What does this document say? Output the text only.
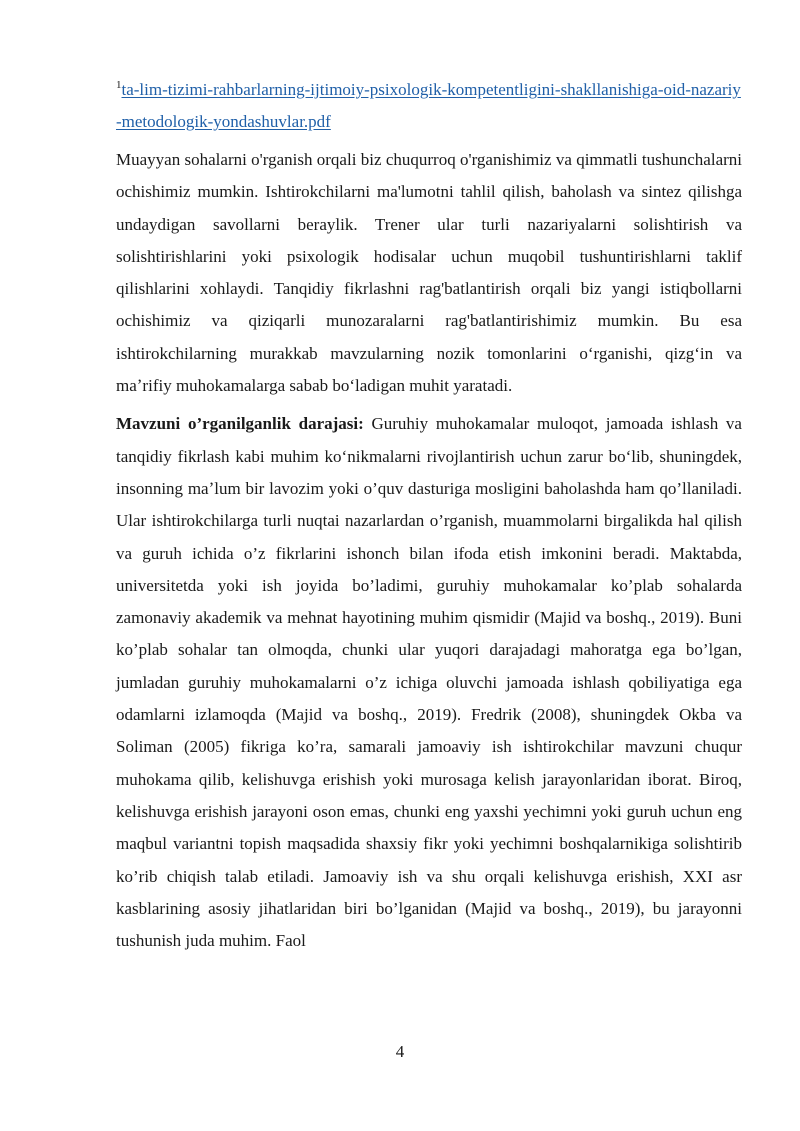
$^1$ta-lim-tizimi-rahbarlarning-ijtimoiy-psixologik-kompetentligini-shakllanishiga-oid-nazariy-metodologik-yondashuvlar.pdf

Muayyan sohalarni o'rganish orqali biz chuqurroq o'rganishimiz va qimmatli tushunchalarni ochishimiz mumkin. Ishtirokchilarni ma'lumotni tahlil qilish, baholash va sintez qilishga undaydigan savollarni beraylik. Trener ular turli nazariyalarni solishtirish va solishtirishlarini yoki psixologik hodisalar uchun muqobil tushuntirishlarni taklif qilishlarini xohlaydi. Tanqidiy fikrlashni rag'batlantirish orqali biz yangi istiqbollarni ochishimiz va qiziqarli munozaralarni rag'batlantirishimiz mumkin. Bu esa ishtirokchilarning murakkab mavzularning nozik tomonlarini oʻrganishi, qizgʻin va maʼrifiy muhokamalarga sabab boʻladigan muhit yaratadi.

Mavzuni o’rganilganlik darajasi: Guruhiy muhokamalar muloqot, jamoada ishlash va tanqidiy fikrlash kabi muhim koʻnikmalarni rivojlantirish uchun zarur boʻlib, shuningdek, insonning maʼlum bir lavozim yoki o’quv dasturiga mosligini baholashda ham qo’llaniladi. Ular ishtirokchilarga turli nuqtai nazarlardan o’rganish, muammolarni birgalikda hal qilish va guruh ichida o’z fikrlarini ishonch bilan ifoda etish imkonini beradi. Maktabda, universitetda yoki ish joyida bo’ladimi, guruhiy muhokamalar ko’plab sohalarda zamonaviy akademik va mehnat hayotining muhim qismidir (Majid va boshq., 2019). Buni ko’plab sohalar tan olmoqda, chunki ular yuqori darajadagi mahoratga ega bo’lgan, jumladan guruhiy muhokamalarni o’z ichiga oluvchi jamoada ishlash qobiliyatiga ega odamlarni izlamoqda (Majid va boshq., 2019). Fredrik (2008), shuningdek Okba va Soliman (2005) fikriga ko’ra, samarali jamoaviy ish ishtirokchilar mavzuni chuqur muhokama qilib, kelishuvga erishish yoki murosaga kelish jarayonlaridan iborat. Biroq, kelishuvga erishish jarayoni oson emas, chunki eng yaxshi yechimni yoki guruh uchun eng maqbul variantni topish maqsadida shaxsiy fikr yoki yechimni boshqalarnikiga solishtirib ko’rib chiqish talab etiladi. Jamoaviy ish va shu orqali kelishuvga erishish, XXI asr kasblarining asosiy jihatlaridan biri bo’lganidan (Majid va boshq., 2019), bu jarayonni tushunish juda muhim. Faol

4
